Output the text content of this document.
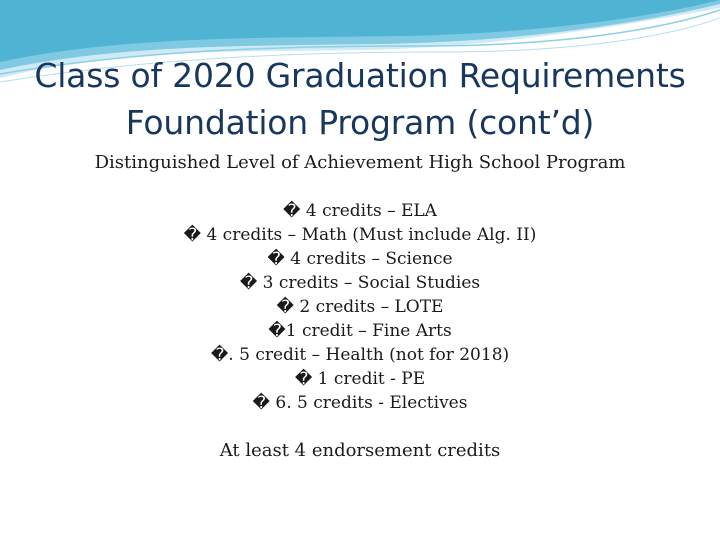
Class of 2020 Graduation Requirements
Foundation Program (cont’d)
Distinguished Level of Achievement High School Program
� 4 credits – ELA
� 4 credits – Math (Must include Alg. II)
� 4 credits – Science
� 3 credits – Social Studies
� 2 credits – LOTE
�1 credit – Fine Arts
�. 5 credit – Health (not for 2018)
� 1 credit - PE
� 6. 5 credits - Electives
At least 4 endorsement credits
